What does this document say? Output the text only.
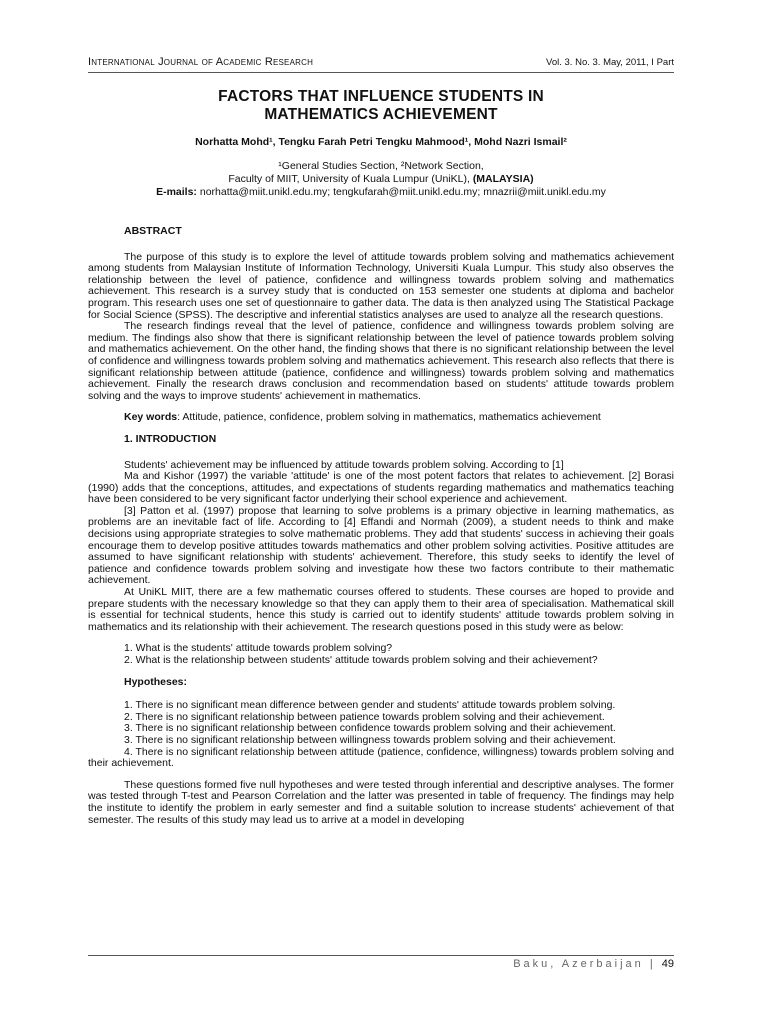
International Journal of Academic Research	Vol. 3. No. 3. May, 2011, I Part
FACTORS THAT INFLUENCE STUDENTS IN
MATHEMATICS ACHIEVEMENT
Norhatta Mohd¹, Tengku Farah Petri Tengku Mahmood¹, Mohd Nazri Ismail²
¹General Studies Section, ²Network Section,
Faculty of MIIT, University of Kuala Lumpur (UniKL), (MALAYSIA)
E-mails: norhatta@miit.unikl.edu.my; tengkufarah@miit.unikl.edu.my; mnazrii@miit.unikl.edu.my
ABSTRACT

The purpose of this study is to explore the level of attitude towards problem solving and mathematics achievement among students from Malaysian Institute of Information Technology, Universiti Kuala Lumpur. This study also observes the relationship between the level of patience, confidence and willingness towards problem solving and mathematics achievement. This research is a survey study that is conducted on 153 semester one students at diploma and bachelor program. This research uses one set of questionnaire to gather data. The data is then analyzed using The Statistical Package for Social Science (SPSS). The descriptive and inferential statistics analyses are used to analyze all the research questions.

The research findings reveal that the level of patience, confidence and willingness towards problem solving are medium. The findings also show that there is significant relationship between the level of patience towards problem solving and mathematics achievement. On the other hand, the finding shows that there is no significant relationship between the level of confidence and willingness towards problem solving and mathematics achievement. This research also reflects that there is significant relationship between attitude (patience, confidence and willingness) towards problem solving and mathematics achievement. Finally the research draws conclusion and recommendation based on students' attitude towards problem solving and the ways to improve students' achievement in mathematics.

Key words: Attitude, patience, confidence, problem solving in mathematics, mathematics achievement

1. INTRODUCTION

Students' achievement may be influenced by attitude towards problem solving. According to [1]

Ma and Kishor (1997) the variable 'attitude' is one of the most potent factors that relates to achievement. [2] Borasi (1990) adds that the conceptions, attitudes, and expectations of students regarding mathematics and mathematics teaching have been considered to be very significant factor underlying their school experience and achievement.

[3] Patton et al. (1997) propose that learning to solve problems is a primary objective in learning mathematics, as problems are an inevitable fact of life. According to [4] Effandi and Normah (2009), a student needs to think and make decisions using appropriate strategies to solve mathematic problems. They add that students' success in achieving their goals encourage them to develop positive attitudes towards mathematics and other problem solving activities. Positive attitudes are assumed to have significant relationship with students' achievement. Therefore, this study seeks to identify the level of patience and confidence towards problem solving and investigate how these two factors contribute to their mathematic achievement.

At UniKL MIIT, there are a few mathematic courses offered to students. These courses are hoped to provide and prepare students with the necessary knowledge so that they can apply them to their area of specialisation. Mathematical skill is essential for technical students, hence this study is carried out to identify students' attitude towards problem solving in mathematics and its relationship with their achievement. The research questions posed in this study were as below:

1. What is the students' attitude towards problem solving?
2. What is the relationship between students' attitude towards problem solving and their achievement?
Hypotheses:
1. There is no significant mean difference between gender and students' attitude towards problem solving.
2. There is no significant relationship between patience towards problem solving and their achievement.
3. There is no significant relationship between confidence towards problem solving and their achievement.
3. There is no significant relationship between willingness towards problem solving and their achievement.

4. There is no significant relationship between attitude (patience, confidence, willingness) towards problem solving and their achievement.

These questions formed five null hypotheses and were tested through inferential and descriptive analyses. The former was tested through T-test and Pearson Correlation and the latter was presented in table of frequency. The findings may help the institute to identify the problem in early semester and find a suitable solution to increase students' achievement of that semester. The results of this study may lead us to arrive at a model in developing

Baku, Azerbaijan | 49
